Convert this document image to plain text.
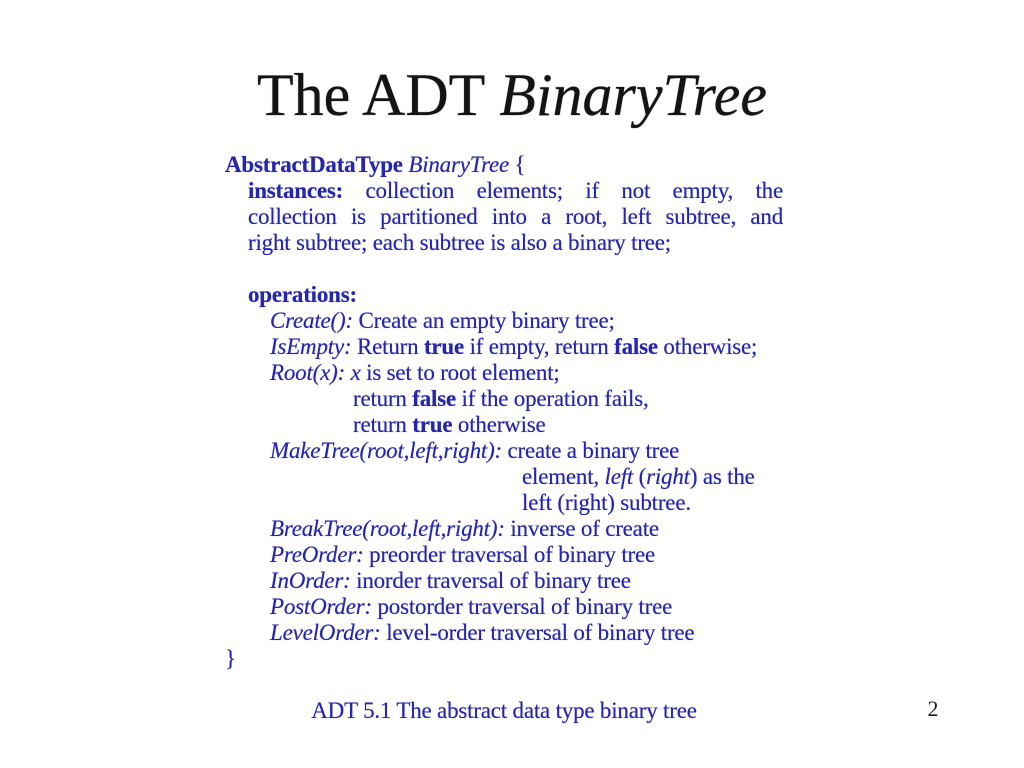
The ADT BinaryTree
AbstractDataType BinaryTree {
instances: collection elements; if not empty, the
collection is partitioned into a root, left subtree, and
right subtree; each subtree is also a binary tree;
operations:
Create(): Create an empty binary tree;
IsEmpty: Return true if empty, return false otherwise;
Root(x): x is set to root element;
return false if the operation fails,
return true otherwise
MakeTree(root,left,right): create a binary tree
element, left (right) as the
left (right) subtree.
BreakTree(root,left,right): inverse of create
PreOrder: preorder traversal of binary tree
InOrder: inorder traversal of binary tree
PostOrder: postorder traversal of binary tree
LevelOrder: level-order traversal of binary tree
}
ADT 5.1 The abstract data type binary tree	2
